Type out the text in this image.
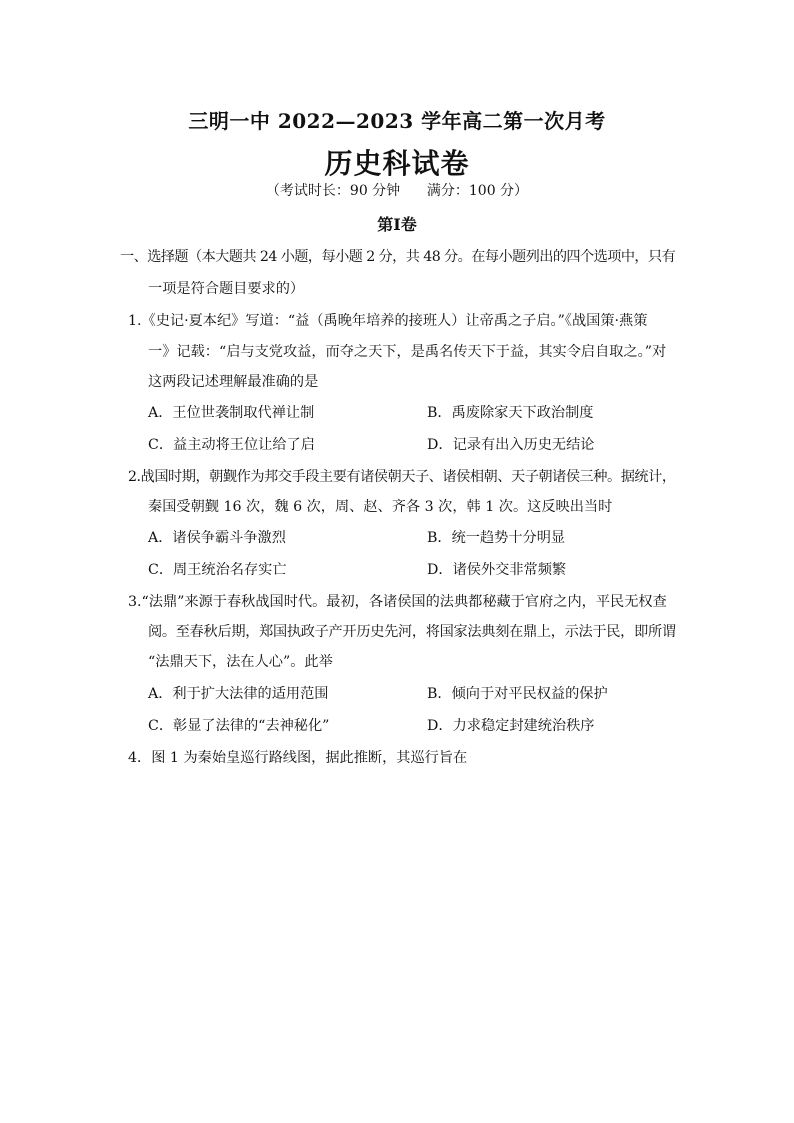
三明一中 2022—2023 学年高二第一次月考
历史科试卷
（考试时长：90 分钟 满分：100 分）
第Ⅰ卷
一、选择题（本大题共 24 小题，每小题 2 分，共 48 分。在每小题列出的四个选项中，只有
一项是符合题目要求的）
1.《史记·夏本纪》写道：“益（禹晚年培养的接班人）让帝禹之子启。”《战国策·燕策
一》记载：“启与支党攻益，而夺之天下，是禹名传天下于益，其实令启自取之。”对
这两段记述理解最准确的是
A．王位世袭制取代禅让制	B．禹废除家天下政治制度
C．益主动将王位让给了启	D．记录有出入历史无结论
2.战国时期，朝觐作为邦交手段主要有诸侯朝天子、诸侯相朝、天子朝诸侯三种。据统计，
秦国受朝觐 16 次，魏 6 次，周、赵、齐各 3 次，韩 1 次。这反映出当时
A．诸侯争霸斗争激烈	B．统一趋势十分明显
C．周王统治名存实亡	D．诸侯外交非常频繁
3.“法鼎”来源于春秋战国时代。最初，各诸侯国的法典都秘藏于官府之内，平民无权查
阅。至春秋后期，郑国执政子产开历史先河，将国家法典刻在鼎上，示法于民，即所谓
“法鼎天下，法在人心”。此举
A．利于扩大法律的适用范围	B．倾向于对平民权益的保护
C．彰显了法律的“去神秘化”	D．力求稳定封建统治秩序
4．图 1 为秦始皇巡行路线图，据此推断，其巡行旨在
